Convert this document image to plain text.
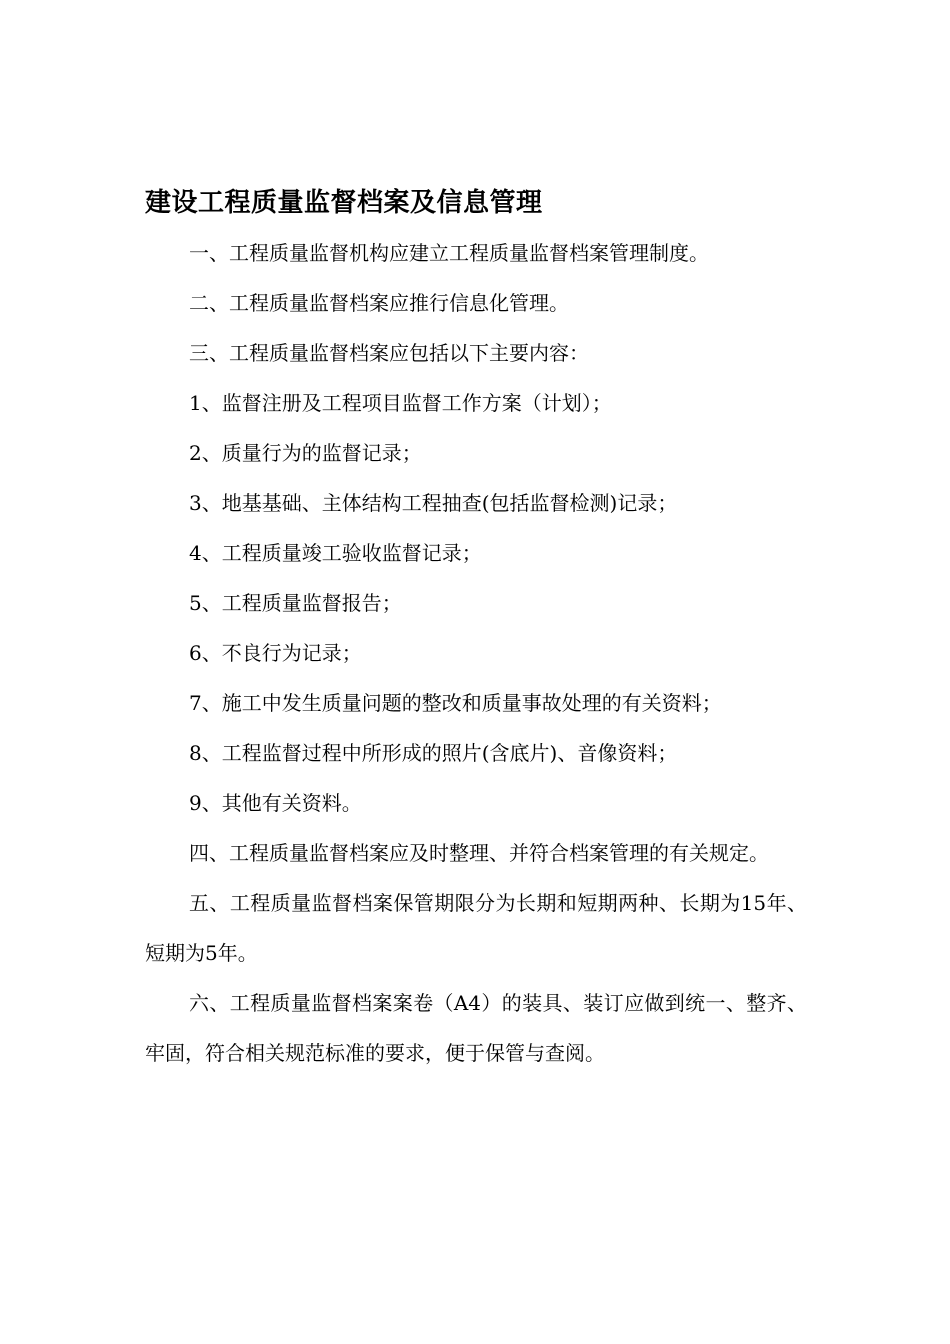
建设工程质量监督档案及信息管理

一、工程质量监督机构应建立工程质量监督档案管理制度。

二、工程质量监督档案应推行信息化管理。

三、工程质量监督档案应包括以下主要内容：

1、监督注册及工程项目监督工作方案（计划）；

2、质量行为的监督记录；

3、地基基础、主体结构工程抽查(包括监督检测)记录；

4、工程质量竣工验收监督记录；

5、工程质量监督报告；

6、不良行为记录；

7、施工中发生质量问题的整改和质量事故处理的有关资料；

8、工程监督过程中所形成的照片(含底片)、音像资料；

9、其他有关资料。

四、工程质量监督档案应及时整理、并符合档案管理的有关规定。

五、工程质量监督档案保管期限分为长期和短期两种、长期为15年、短期为5年。

六、工程质量监督档案案卷（A4）的装具、装订应做到统一、整齐、牢固，符合相关规范标准的要求，便于保管与查阅。
